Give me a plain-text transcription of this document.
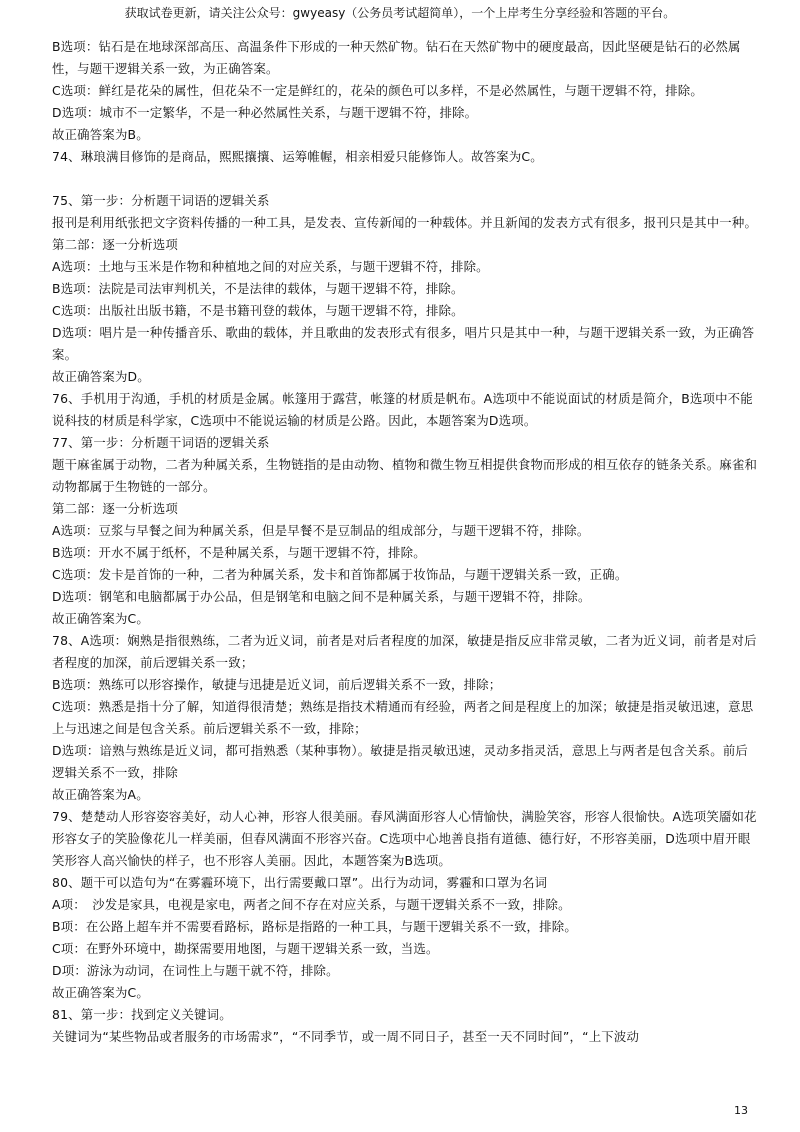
获取试卷更新，请关注公众号：gwyeasy（公务员考试超简单），一个上岸考生分享经验和答题的平台。

B选项：钻石是在地球深部高压、高温条件下形成的一种天然矿物。钻石在天然矿物中的硬度最高，因此坚硬是钻石的必然属性，与题干逻辑关系一致，为正确答案。

C选项：鲜红是花朵的属性，但花朵不一定是鲜红的，花朵的颜色可以多样，不是必然属性，与题干逻辑不符，排除。

D选项：城市不一定繁华，不是一种必然属性关系，与题干逻辑不符，排除。

故正确答案为B。

74、琳琅满目修饰的是商品，熙熙攘攘、运筹帷幄，相亲相爱只能修饰人。故答案为C。

75、第一步：分析题干词语的逻辑关系

报刊是利用纸张把文字资料传播的一种工具，是发表、宣传新闻的一种载体。并且新闻的发表方式有很多，报刊只是其中一种。

第二部：逐一分析选项

A选项：土地与玉米是作物和种植地之间的对应关系，与题干逻辑不符，排除。

B选项：法院是司法审判机关，不是法律的载体，与题干逻辑不符，排除。

C选项：出版社出版书籍，不是书籍刊登的载体，与题干逻辑不符，排除。

D选项：唱片是一种传播音乐、歌曲的载体，并且歌曲的发表形式有很多，唱片只是其中一种，与题干逻辑关系一致，为正确答案。

故正确答案为D。

76、手机用于沟通，手机的材质是金属。帐篷用于露营，帐篷的材质是帆布。A选项中不能说面试的材质是简介，B选项中不能说科技的材质是科学家，C选项中不能说运输的材质是公路。因此，本题答案为D选项。

77、第一步：分析题干词语的逻辑关系

题干麻雀属于动物，二者为种属关系，生物链指的是由动物、植物和微生物互相提供食物而形成的相互依存的链条关系。麻雀和动物都属于生物链的一部分。

第二部：逐一分析选项

A选项：豆浆与早餐之间为种属关系，但是早餐不是豆制品的组成部分，与题干逻辑不符，排除。

B选项：开水不属于纸杯，不是种属关系，与题干逻辑不符，排除。

C选项：发卡是首饰的一种，二者为种属关系，发卡和首饰都属于妆饰品，与题干逻辑关系一致，正确。

D选项：钢笔和电脑都属于办公品，但是钢笔和电脑之间不是种属关系，与题干逻辑不符，排除。

故正确答案为C。

78、A选项：娴熟是指很熟练，二者为近义词，前者是对后者程度的加深，敏捷是指反应非常灵敏，二者为近义词，前者是对后者程度的加深，前后逻辑关系一致；

B选项：熟练可以形容操作，敏捷与迅捷是近义词，前后逻辑关系不一致，排除；

C选项：熟悉是指十分了解，知道得很清楚；熟练是指技术精通而有经验，两者之间是程度上的加深；敏捷是指灵敏迅速，意思上与迅速之间是包含关系。前后逻辑关系不一致，排除；

D选项：谙熟与熟练是近义词，都可指熟悉（某种事物）。敏捷是指灵敏迅速，灵动多指灵活，意思上与两者是包含关系。前后逻辑关系不一致，排除

故正确答案为A。

79、楚楚动人形容姿容美好，动人心神，形容人很美丽。春风满面形容人心情愉快，满脸笑容，形容人很愉快。A选项笑靥如花形容女子的笑脸像花儿一样美丽，但春风满面不形容兴奋。C选项中心地善良指有道德、德行好，不形容美丽，D选项中眉开眼笑形容人高兴愉快的样子，也不形容人美丽。因此，本题答案为B选项。

80、题干可以造句为“在雾霾环境下，出行需要戴口罩”。出行为动词，雾霾和口罩为名词

A项：　沙发是家具，电视是家电，两者之间不存在对应关系，与题干逻辑关系不一致，排除。

B项：在公路上超车并不需要看路标，路标是指路的一种工具，与题干逻辑关系不一致，排除。

C项：在野外环境中，勘探需要用地图，与题干逻辑关系一致，当选。

D项：游泳为动词，在词性上与题干就不符，排除。

故正确答案为C。

81、第一步：找到定义关键词。

关键词为“某些物品或者服务的市场需求”，“不同季节，或一周不同日子，甚至一天不同时间”，“上下波动

13
